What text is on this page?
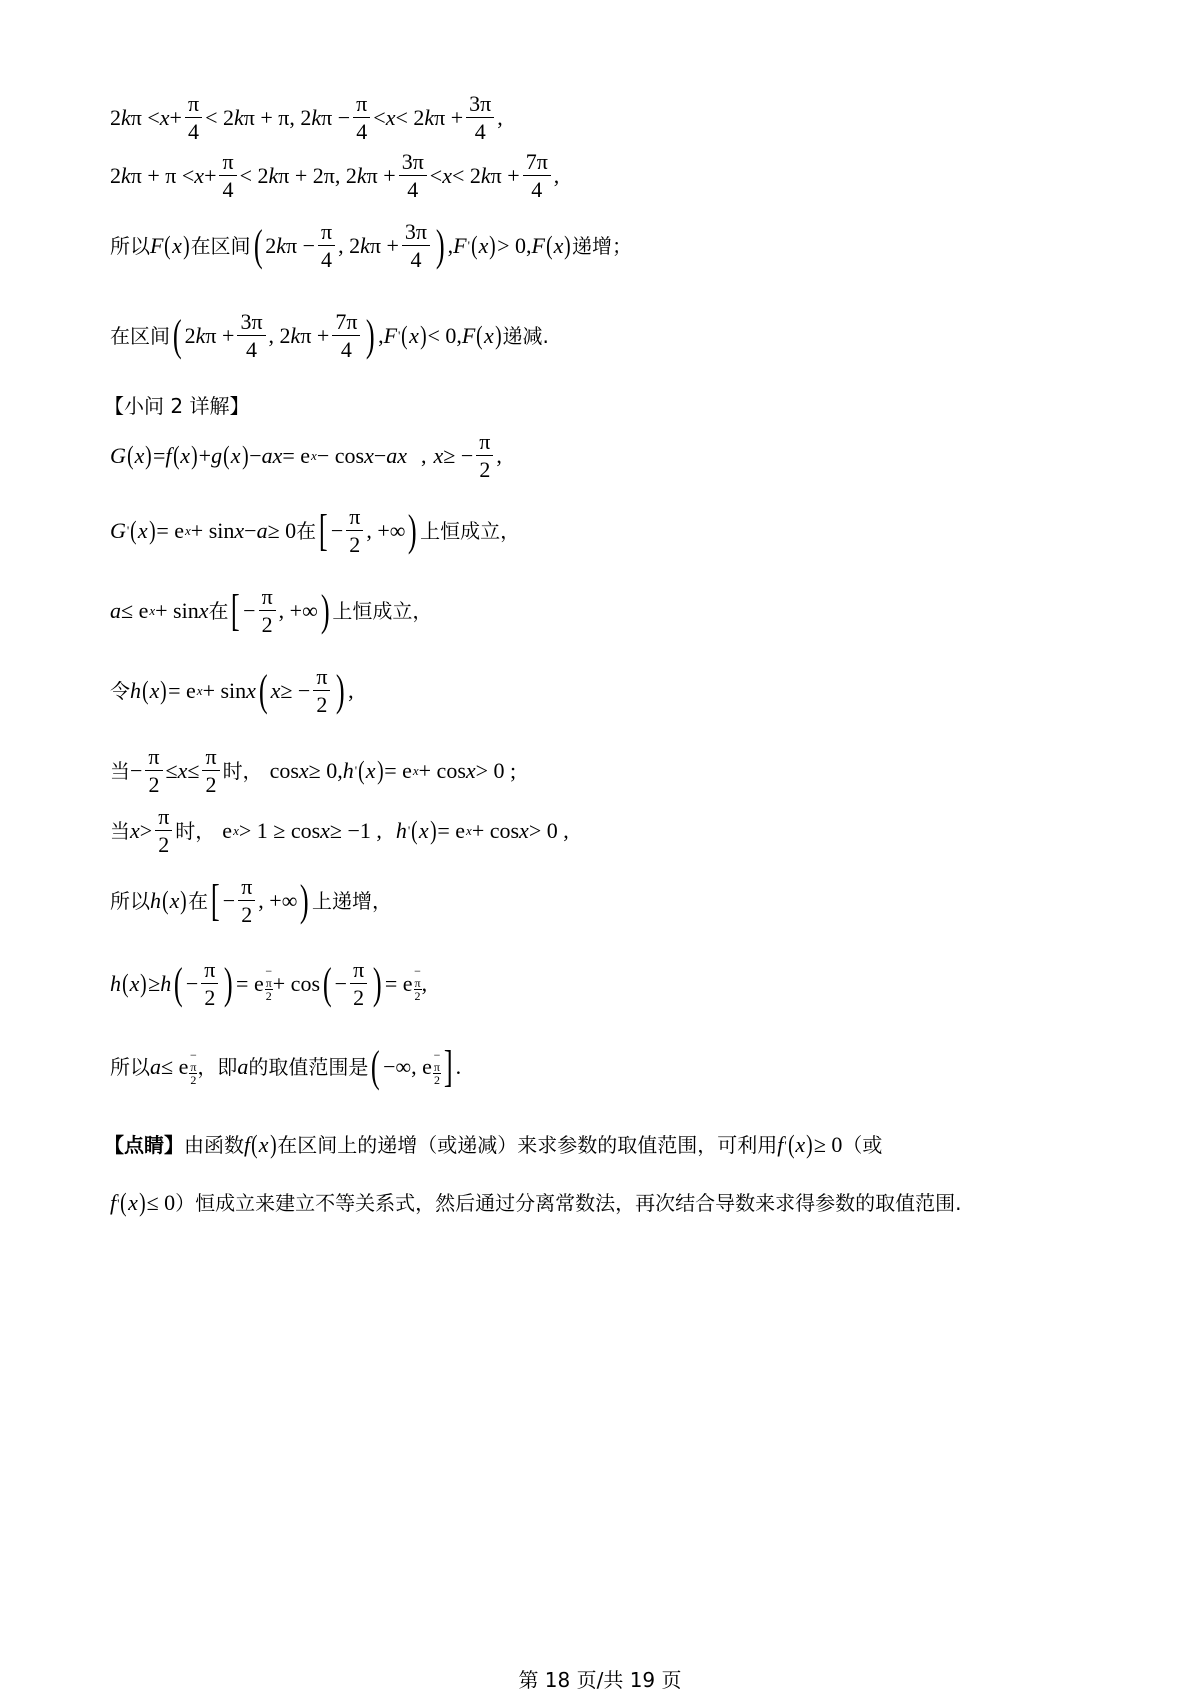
2 k $\pi < x + \frac{\pi}{4} < 2$ k π + π, 2 k $\pi - \frac{\pi}{4} < x < 2$ k $\pi + \frac{3\pi}{4}$ ,
2 k $\pi + \pi < x + \frac{\pi}{4} < 2$ k π + 2π, 2 k $\pi + \frac{3\pi}{4} < x < 2$ k $\pi + \frac{7\pi}{4}$ ,
所以 F ( x ) 在区间 ( 2 k $\pi - \frac{\pi}{4}$ , 2 k $\pi + \frac{3\pi}{4}$ ) , F ' ( x ) > 0, F ( x ) 递增；
在区间 ( 2 k $\pi + \frac{3\pi}{4}$ , 2 k $\pi + \frac{7\pi}{4}$ ) , F ' ( x ) < 0, F ( x ) 递减.
【小问 2 详解】
G ( x ) = f ( x ) + g ( x ) − ax = e x − cos x − ax , x ≥ − $\frac{\pi}{2}$ ,
G ' ( x ) = e x + sin x − a ≥ 0 在 [ − $\frac{\pi}{2}$ , +∞ ) 上恒成立，
a ≤ e x + sin x 在 [ − $\frac{\pi}{2}$ , +∞ ) 上恒成立，
令 h ( x ) = e x + sin x ( x ≥ − $\frac{\pi}{2}$ ) ,
当 − $\frac{\pi}{2} \le x \le \frac{\pi}{2}$ 时， cos x ≥ 0, h ' ( x ) = e x + cos x > 0 ;
当 $x > \frac{\pi}{2}$ 时， e x > 1 ≥ cos x ≥ −1 , h ' ( x ) = e x + cos x > 0 ,
所以 h ( x ) 在 [ − $\frac{\pi}{2}$ , +∞ ) 上递增，
h ( x ) ≥ h ( − $\frac{\pi}{2}$ ) = e −
π
2
+ cos ( − $\frac{\pi}{2}$ ) = e −
π
2
,
所以 a ≤ e −
π
2
，即 a 的取值范围是 ( −∞, e −
π
2 ] .
【点睛】 由函数 f ( x ) 在区间上的递增（或递减）来求参数的取值范围，可利用 f ' ( x ) ≥ 0 （或
f ' ( x ) ≤ 0 ）恒成立来建立不等关系式，然后通过分离常数法，再次结合导数来求得参数的取值范围.
第 18 页/共 19 页
